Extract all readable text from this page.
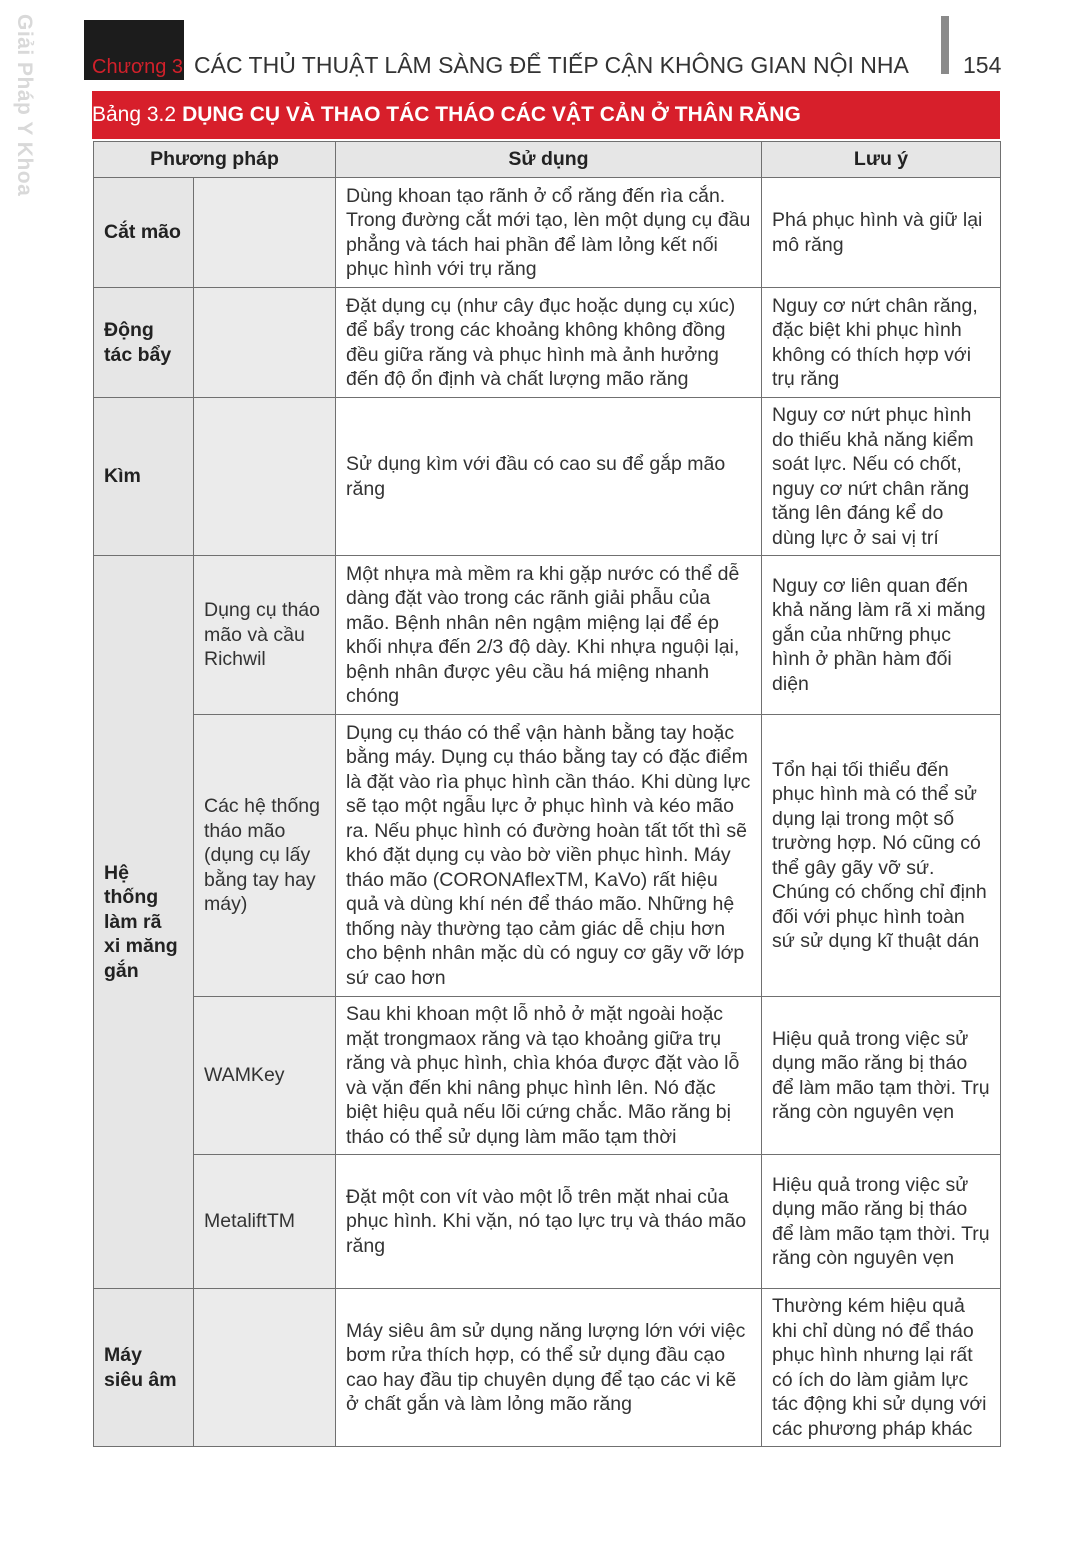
Giải Pháp Y Khoa	Chương 3 CÁC THỦ THUẬT LÂM SÀNG ĐỂ TIẾP CẬN KHÔNG GIAN NỘI NHA 154
Bảng 3.2 DỤNG CỤ VÀ THAO TÁC THÁO CÁC VẬT CẢN Ở THÂN RĂNG
Phương pháp		Sử dụng	Lưu ý
Cắt mão		Dùng khoan tạo rãnh ở cổ răng đến rìa cắn. Trong đường cắt mới tạo, lèn một dụng cụ đầu phẳng và tách hai phần để làm lỏng kết nối phục hình với trụ răng	Phá phục hình và giữ lại mô răng
Động tác bẩy		Đặt dụng cụ (như cây đục hoặc dụng cụ xúc) để bẩy trong các khoảng không không đồng đều giữa răng và phục hình mà ảnh hưởng đến độ ổn định và chất lượng mão răng	Nguy cơ nứt chân răng, đặc biệt khi phục hình không có thích hợp với trụ răng
Kìm		Sử dụng kìm với đầu có cao su để gắp mão răng	Nguy cơ nứt phục hình do thiếu khả năng kiểm soát lực. Nếu có chốt, nguy cơ nứt chân răng tăng lên đáng kể do dùng lực ở sai vị trí
Hệ thống làm rã xi măng gắn	Dụng cụ tháo mão và cầu Richwil	Một nhựa mà mềm ra khi gặp nước có thể dễ dàng đặt vào trong các rãnh giải phẫu của mão. Bệnh nhân nên ngậm miệng lại để ép khối nhựa đến 2/3 độ dày. Khi nhựa nguội lại, bệnh nhân được yêu cầu há miệng nhanh chóng	Nguy cơ liên quan đến khả năng làm rã xi măng gắn của những phục hình ở phần hàm đối diện
	Các hệ thống tháo mão (dụng cụ lấy bằng tay hay máy)	Dụng cụ tháo có thể vận hành bằng tay hoặc bằng máy. Dụng cụ tháo bằng tay có đặc điểm là đặt vào rìa phục hình cần tháo. Khi dùng lực sẽ tạo một ngẫu lực ở phục hình và kéo mão ra. Nếu phục hình có đường hoàn tất tốt thì sẽ khó đặt dụng cụ vào bờ viền phục hình. Máy tháo mão (CORONAflexTM, KaVo) rất hiệu quả và dùng khí nén để tháo mão. Những hệ thống này thường tạo cảm giác dễ chịu hơn cho bệnh nhân mặc dù có nguy cơ gãy vỡ lớp sứ cao hơn	Tổn hại tối thiểu đến phục hình mà có thể sử dụng lại trong một số trường hợp. Nó cũng có thể gây gãy vỡ sứ. Chúng có chống chỉ định đối với phục hình toàn sứ sử dụng kĩ thuật dán
	WAMKey	Sau khi khoan một lỗ nhỏ ở mặt ngoài hoặc mặt trongmaox răng và tạo khoảng giữa trụ răng và phục hình, chìa khóa được đặt vào lỗ và vặn đến khi nâng phục hình lên. Nó đặc biệt hiệu quả nếu lõi cứng chắc. Mão răng bị tháo có thể sử dụng làm mão tạm thời	Hiệu quả trong việc sử dụng mão răng bị tháo để làm mão tạm thời. Trụ răng còn nguyên vẹn
	MetaliftTM	Đặt một con vít vào một lỗ trên mặt nhai của phục hình. Khi vặn, nó tạo lực trụ và tháo mão răng	Hiệu quả trong việc sử dụng mão răng bị tháo để làm mão tạm thời. Trụ răng còn nguyên vẹn
Máy siêu âm		Máy siêu âm sử dụng năng lượng lớn với việc bơm rửa thích hợp, có thể sử dụng đầu cạo cao hay đầu tip chuyên dụng để tạo các vi kẽ ở chất gắn và làm lỏng mão răng	Thường kém hiệu quả khi chỉ dùng nó để tháo phục hình nhưng lại rất có ích do làm giảm lực tác động khi sử dụng với các phương pháp khác
